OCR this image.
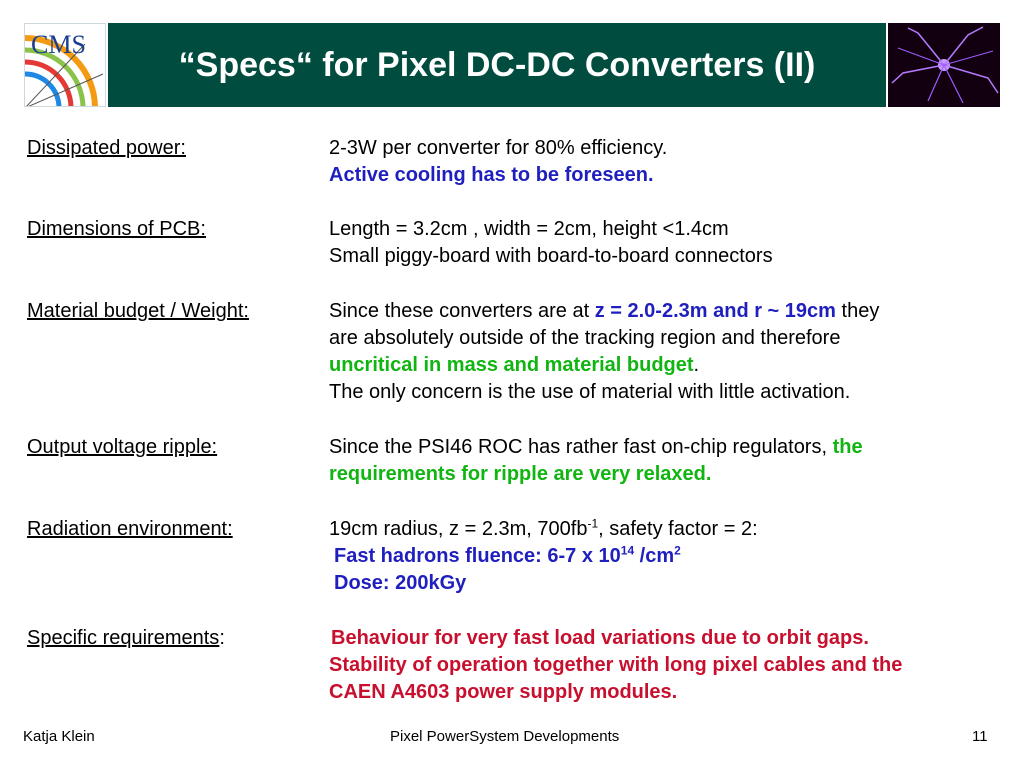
CMS
“Specs“ for Pixel DC-DC Converters (II)
Dissipated power:	2-3W per converter for 80% efficiency.
Active cooling has to be foreseen.
Dimensions of PCB:	Length = 3.2cm , width = 2cm, height <1.4cm
Small piggy-board with board-to-board connectors
Material budget / Weight:	Since these converters are at z = 2.0-2.3m and r ~ 19cm they
are absolutely outside of the tracking region and therefore
uncritical in mass and material budget.
The only concern is the use of material with little activation.
Output voltage ripple:	Since the PSI46 ROC has rather fast on-chip regulators, the
requirements for ripple are very relaxed.
Radiation environment:	19cm radius, z = 2.3m, $700fb^{-1}$, safety factor = 2:
Fast hadrons fluence: 6-7 x $10^{14}$ $/cm^2$
Dose: 200kGy
Specific requirements:	Behaviour for very fast load variations due to orbit gaps.
Stability of operation together with long pixel cables and the
CAEN A4603 power supply modules.
Katja Klein	Pixel PowerSystem Developments	11
